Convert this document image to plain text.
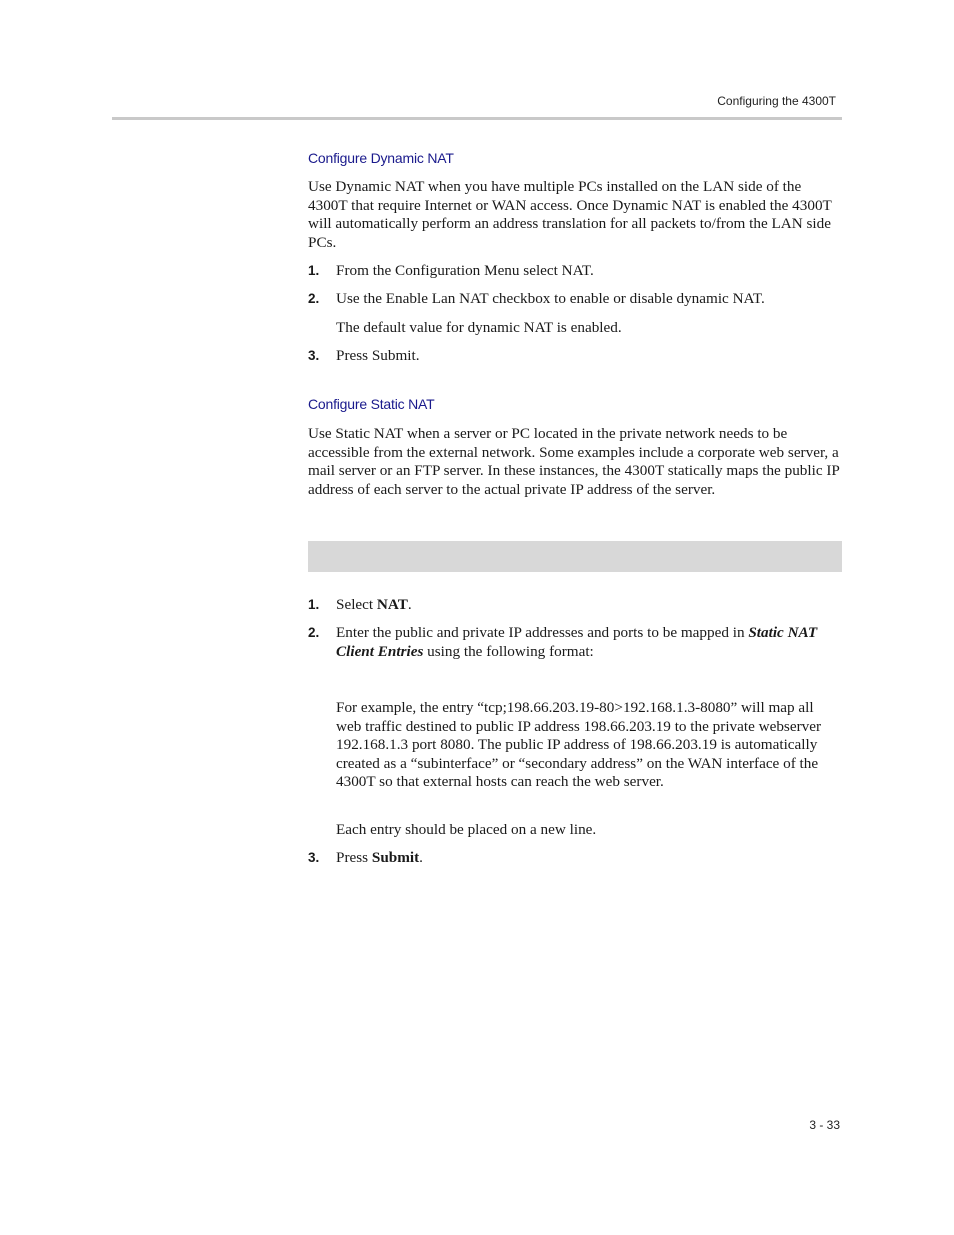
Configuring the 4300T
Configure Dynamic NAT

Use Dynamic NAT when you have multiple PCs installed on the LAN side of the 4300T that require Internet or WAN access. Once Dynamic NAT is enabled the 4300T will automatically perform an address translation for all packets to/from the LAN side PCs.

1. From the Configuration Menu select NAT.

2. Use the Enable Lan NAT checkbox to enable or disable dynamic NAT.

The default value for dynamic NAT is enabled.

3. Press Submit.

Configure Static NAT

Use Static NAT when a server or PC located in the private network needs to be accessible from the external network. Some examples include a corporate web server, a mail server or an FTP server. In these instances, the 4300T statically maps the public IP address of each server to the actual private IP address of the server.

1. Select NAT.

2. Enter the public and private IP addresses and ports to be mapped in Static NAT Client Entries using the following format:

For example, the entry “tcp;198.66.203.19-80>192.168.1.3-8080” will map all web traffic destined to public IP address 198.66.203.19 to the private webserver 192.168.1.3 port 8080. The public IP address of 198.66.203.19 is automatically created as a “subinterface” or “secondary address” on the WAN interface of the 4300T so that external hosts can reach the web server.

Each entry should be placed on a new line.

3. Press Submit.

3 - 33
